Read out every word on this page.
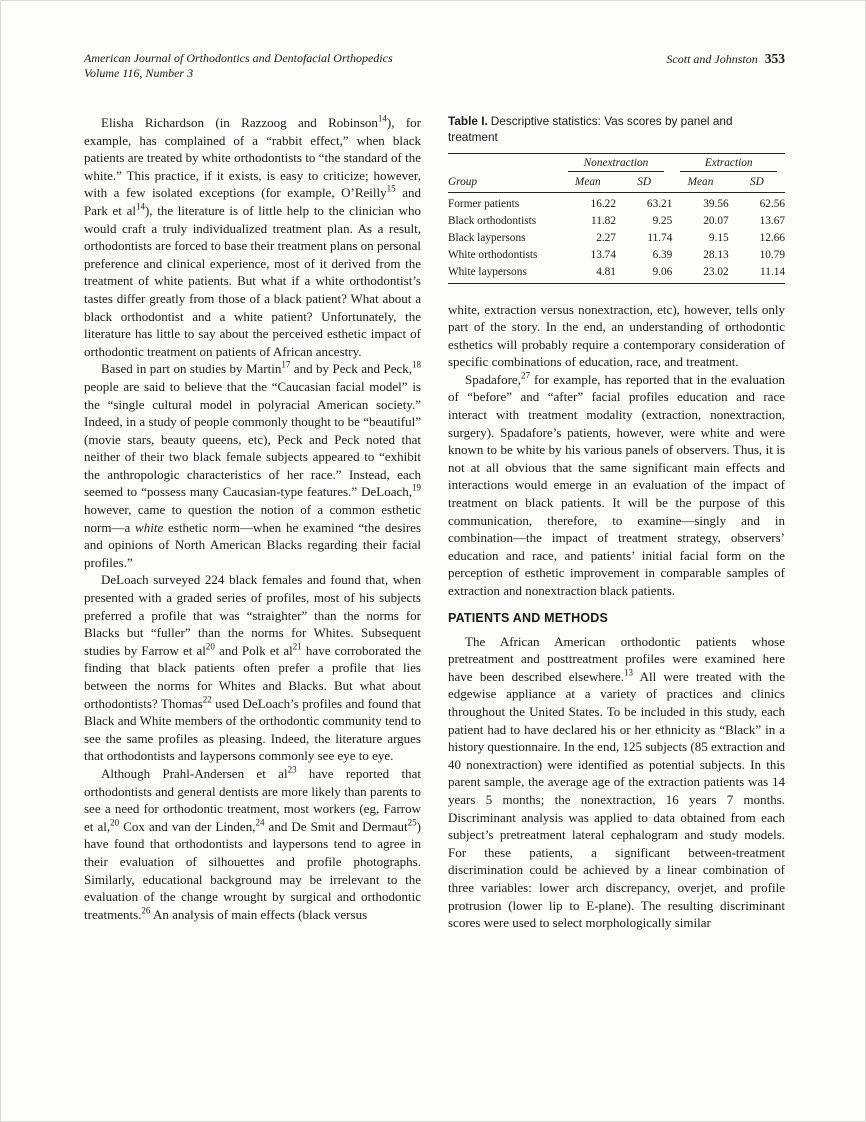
American Journal of Orthodontics and Dentofacial Orthopedics
Volume 116, Number 3
Scott and Johnston 353

Elisha Richardson (in Razzoog and Robinson$^{14}$), for example, has complained of a “rabbit effect,” when black patients are treated by white orthodontists to “the standard of the white.” This practice, if it exists, is easy to criticize; however, with a few isolated exceptions (for example, O’Reilly$^{15}$ and Park et $al^{14}$), the literature is of little help to the clinician who would craft a truly individualized treatment plan. As a result, orthodontists are forced to base their treatment plans on personal preference and clinical experience, most of it derived from the treatment of white patients. But what if a white orthodontist’s tastes differ greatly from those of a black patient? What about a black orthodontist and a white patient? Unfortunately, the literature has little to say about the perceived esthetic impact of orthodontic treatment on patients of African ancestry.

Based in part on studies by Martin$^{17}$ and by Peck and Peck,$^{18}$ people are said to believe that the “Caucasian facial model” is the “single cultural model in polyracial American society.” Indeed, in a study of people commonly thought to be “beautiful” (movie stars, beauty queens, etc), Peck and Peck noted that neither of their two black female subjects appeared to “exhibit the anthropologic characteristics of her race.” Instead, each seemed to “possess many Caucasian-type features.” DeLoach,$^{19}$ however, came to question the notion of a common esthetic norm—a white esthetic norm—when he examined “the desires and opinions of North American Blacks regarding their facial profiles.”

DeLoach surveyed 224 black females and found that, when presented with a graded series of profiles, most of his subjects preferred a profile that was “straighter” than the norms for Blacks but “fuller” than the norms for Whites. Subsequent studies by Farrow et $al^{20}$ and Polk et $al^{21}$ have corroborated the finding that black patients often prefer a profile that lies between the norms for Whites and Blacks. But what about orthodontists? Thomas$^{22}$ used DeLoach’s profiles and found that Black and White members of the orthodontic community tend to see the same profiles as pleasing. Indeed, the literature argues that orthodontists and laypersons commonly see eye to eye.

Although Prahl-Andersen et $al^{23}$ have reported that orthodontists and general dentists are more likely than parents to see a need for orthodontic treatment, most workers (eg, Farrow et al,$^{20}$ Cox and van der Linden,$^{24}$ and De Smit and Dermaut$^{25}$) have found that orthodontists and laypersons tend to agree in their evaluation of silhouettes and profile photographs. Similarly, educational background may be irrelevant to the evaluation of the change wrought by surgical and orthodontic treatments.$^{26}$ An analysis of main effects (black versus

Table I. Descriptive statistics: Vas scores by panel and treatment

	Nonextraction		Extraction	

Group	Mean	SD	Mean	SD
Former patients	16.22	63.21	39.56	62.56
Black orthodontists	11.82	9.25	20.07	13.67
Black laypersons	2.27	11.74	9.15	12.66
White orthodontists	13.74	6.39	28.13	10.79
White laypersons	4.81	9.06	23.02	11.14

white, extraction versus nonextraction, etc), however, tells only part of the story. In the end, an understanding of orthodontic esthetics will probably require a contemporary consideration of specific combinations of education, race, and treatment.

Spadafore,$^{27}$ for example, has reported that in the evaluation of “before” and “after” facial profiles education and race interact with treatment modality (extraction, nonextraction, surgery). Spadafore’s patients, however, were white and were known to be white by his various panels of observers. Thus, it is not at all obvious that the same significant main effects and interactions would emerge in an evaluation of the impact of treatment on black patients. It will be the purpose of this communication, therefore, to examine—singly and in combination—the impact of treatment strategy, observers’ education and race, and patients’ initial facial form on the perception of esthetic improvement in comparable samples of extraction and nonextraction black patients.

PATIENTS AND METHODS

The African American orthodontic patients whose pretreatment and posttreatment profiles were examined here have been described elsewhere.$^{13}$ All were treated with the edgewise appliance at a variety of practices and clinics throughout the United States. To be included in this study, each patient had to have declared his or her ethnicity as “Black” in a history questionnaire. In the end, 125 subjects (85 extraction and 40 nonextraction) were identified as potential subjects. In this parent sample, the average age of the extraction patients was 14 years 5 months; the nonextraction, 16 years 7 months. Discriminant analysis was applied to data obtained from each subject’s pretreatment lateral cephalogram and study models. For these patients, a significant between-treatment discrimination could be achieved by a linear combination of three variables: lower arch discrepancy, overjet, and profile protrusion (lower lip to E-plane). The resulting discriminant scores were used to select morphologically similar
